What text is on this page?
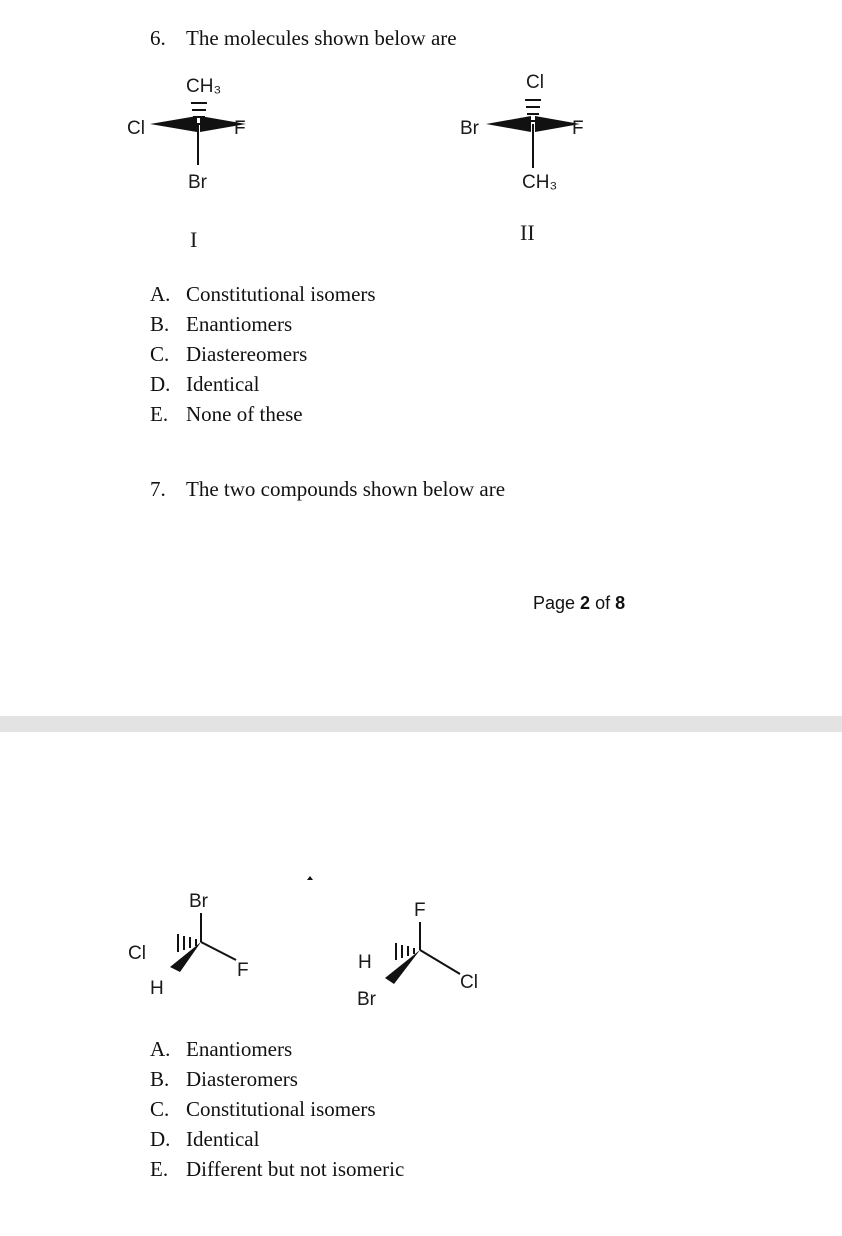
6. The molecules shown below are
CH₃
Cl	F
Br
I
Cl
Br	F
CH₃
II
A. Constitutional isomers
B. Enantiomers
C. Diastereomers
D. Identical
E. None of these
7. The two compounds shown below are
Page 2 of 8
Br
Cl
H
F
F
H
Br
Cl
A. Enantiomers
B. Diasteromers
C. Constitutional isomers
D. Identical
E. Different but not isomeric
